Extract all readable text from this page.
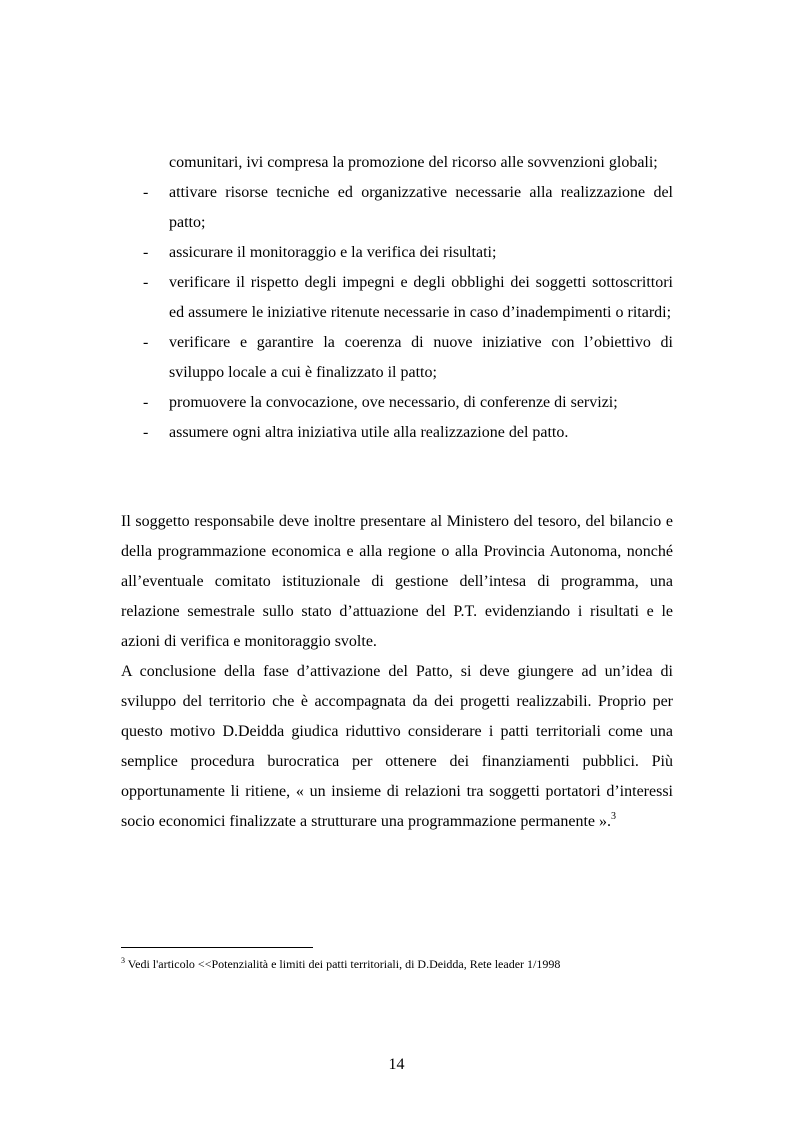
comunitari, ivi compresa la promozione del ricorso alle sovvenzioni globali;
- attivare risorse tecniche ed organizzative necessarie alla realizzazione del patto;
- assicurare il monitoraggio e la verifica dei risultati;
- verificare il rispetto degli impegni e degli obblighi dei soggetti sottoscrittori ed assumere le iniziative ritenute necessarie in caso d’inadempimenti o ritardi;
- verificare e garantire la coerenza di nuove iniziative con l’obiettivo di sviluppo locale a cui è finalizzato il patto;
- promuovere la convocazione, ove necessario, di conferenze di servizi;
- assumere ogni altra iniziativa utile alla realizzazione del patto.

Il soggetto responsabile deve inoltre presentare al Ministero del tesoro, del bilancio e della programmazione economica e alla regione o alla Provincia Autonoma, nonché all’eventuale comitato istituzionale di gestione dell’intesa di programma, una relazione semestrale sullo stato d’attuazione del P.T. evidenziando i risultati e le azioni di verifica e monitoraggio svolte.

A conclusione della fase d’attivazione del Patto, si deve giungere ad un’idea di sviluppo del territorio che è accompagnata da dei progetti realizzabili. Proprio per questo motivo D.Deidda giudica riduttivo considerare i patti territoriali come una semplice procedura burocratica per ottenere dei finanziamenti pubblici. Più opportunamente li ritiene, « un insieme di relazioni tra soggetti portatori d’interessi socio economici finalizzate a strutturare una programmazione permanente ».$^3$

$^3$ Vedi l'articolo <<Potenzialità e limiti dei patti territoriali, di D.Deidda, Rete leader 1/1998
14
